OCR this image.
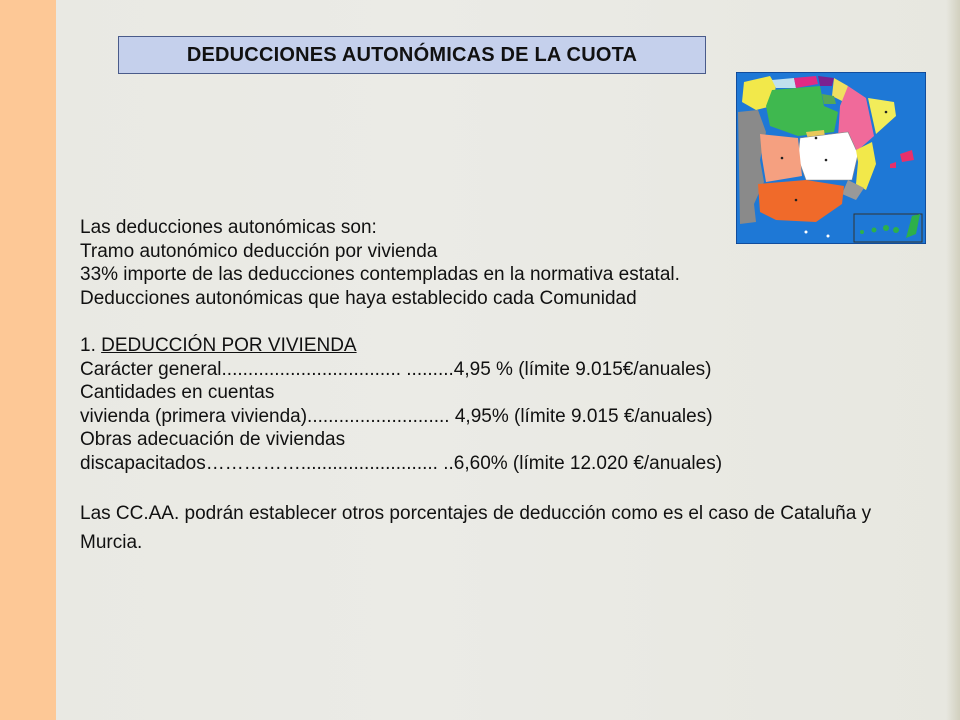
DEDUCCIONES AUTONÓMICAS DE LA CUOTA
Las deducciones autonómicas son:
Tramo autonómico deducción por vivienda
33% importe de las deducciones contempladas en la normativa estatal.
Deducciones autonómicas que haya establecido cada Comunidad
1. DEDUCCIÓN POR VIVIENDA
Carácter general.................................. .........4,95 % (límite 9.015€/anuales)
Cantidades en cuentas
vivienda (primera vivienda)........................... 4,95% (límite 9.015 €/anuales)
Obras adecuación de viviendas
discapacitados…………….......................... ..6,60% (límite 12.020 €/anuales)
Las CC.AA. podrán establecer otros porcentajes de deducción como es el caso de Cataluña y Murcia.
